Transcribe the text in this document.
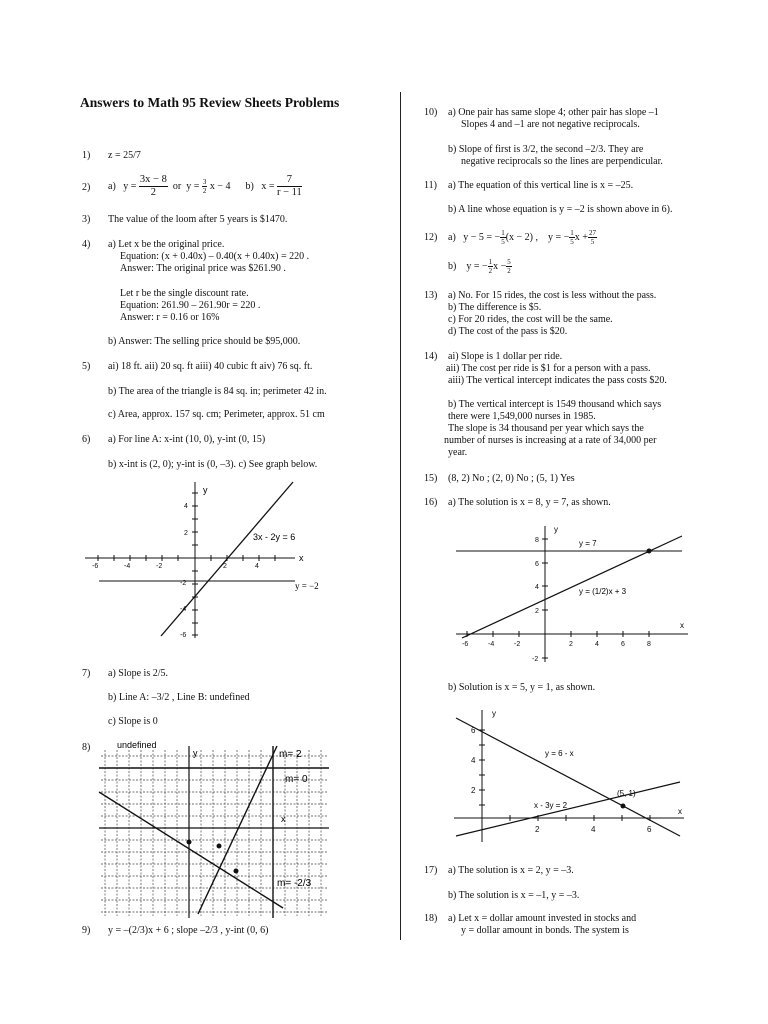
Answers to Math 95 Review Sheets Problems
1) z = 25/7
2) a) $y = \frac{3x - 8}{2}$ or $y = \frac{3}{2}$ x − 4 b) $x = \frac{7}{r - 11}$
3) The value of the loom after 5 years is $1470.
4) a) Let x be the original price.
Equation: (x + 0.40x) – 0.40(x + 0.40x) = 220 .
Answer: The original price was $261.90 .
Let r be the single discount rate.
Equation: 261.90 – 261.90r = 220 .
Answer: r = 0.16 or 16%
b) Answer: The selling price should be $95,000.
5) ai) 18 ft. aii) 20 sq. ft aiii) 40 cubic ft aiv) 76 sq. ft.
b) The area of the triangle is 84 sq. in; perimeter 42 in.
c) Area, approx. 157 sq. cm; Perimeter, approx. 51 cm
6) a) For line A: x-int (10, 0), y-int (0, 15)
b) x-int is (2, 0); y-int is (0, –3). c) See graph below.
-6	-4	-2	2	4
4
2
-2
-4
-6
y
x
3x - 2y = 6
y = −2
7) a) Slope is 2/5.
b) Line A: –3/2 , Line B: undefined
c) Slope is 0
8)	undefined
y
x
m= 2
m= 0
m= -2/3
9) y = –(2/3)x + 6 ; slope –2/3 , y-int (0, 6)
10) a) One pair has same slope 4; other pair has slope –1
Slopes 4 and –1 are not negative reciprocals.
b) Slope of first is 3/2, the second –2/3. They are
negative reciprocals so the lines are perpendicular.
11) a) The equation of this vertical line is x = –25.
b) A line whose equation is y = –2 is shown above in 6).
12) a) y − 5 = − $\frac{1}{5} (x - 2)$ , y = − $\frac{1}{5}$ $x + \frac{27}{5}$
b) y = − $\frac{1}{2}$ $x - \frac{5}{2}$
13) a) No. For 15 rides, the cost is less without the pass.
b) The difference is $5.
c) For 20 rides, the cost will be the same.
d) The cost of the pass is $20.
14) ai) Slope is 1 dollar per ride.
aii) The cost per ride is $1 for a person with a pass.
aiii) The vertical intercept indicates the pass costs $20.
b) The vertical intercept is 1549 thousand which says
there were 1,549,000 nurses in 1985.
The slope is 34 thousand per year which says the
number of nurses is increasing at a rate of 34,000 per
year.
15) (8, 2) No ; (2, 0) No ; (5, 1) Yes
16) a) The solution is x = 8, y = 7, as shown.
-6	-4	-2	2	4	6	8
8
6
4
2
-2
y
x
y = 7
y = (1/2)x + 3
b) Solution is x = 5, y = 1, as shown.
2	4	6
6
4
2
y
x
y = 6 - x
x - 3y = 2
(5, 1)
17) a) The solution is x = 2, y = –3.
b) The solution is x = –1, y = –3.
18) a) Let x = dollar amount invested in stocks and
y = dollar amount in bonds. The system is
